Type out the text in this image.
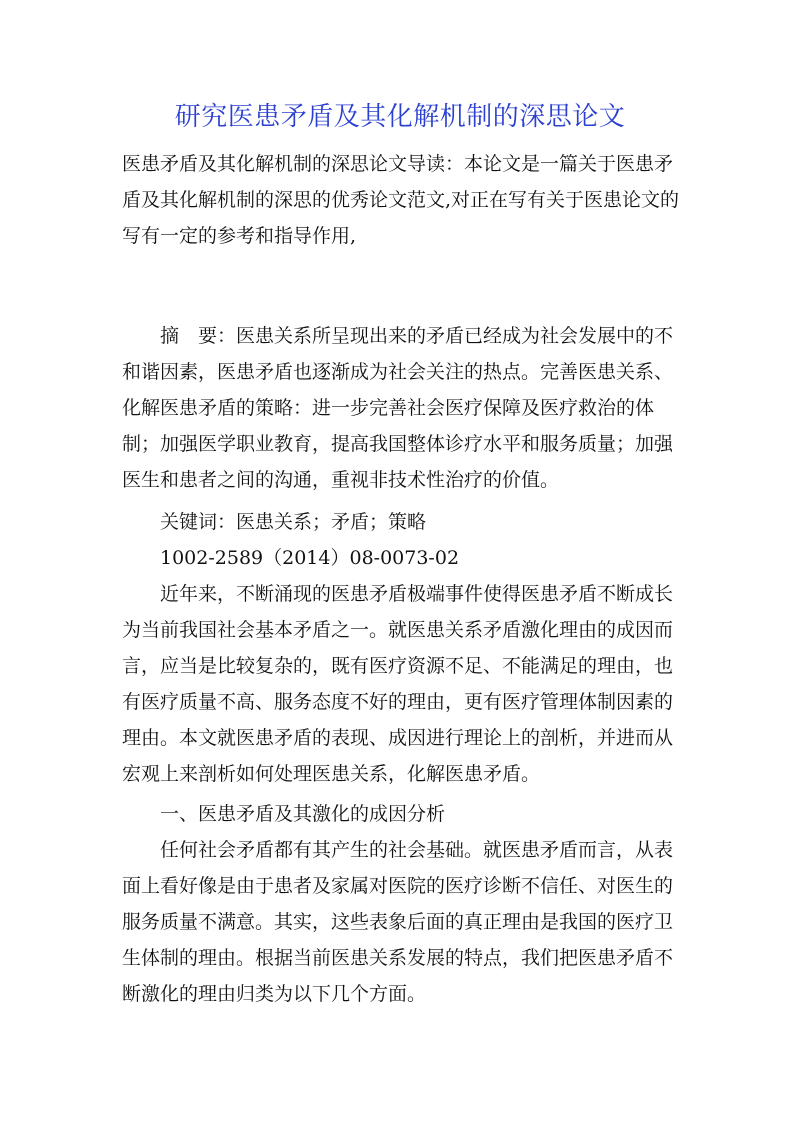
研究医患矛盾及其化解机制的深思论文

医患矛盾及其化解机制的深思论文导读：本论文是一篇关于医患矛盾及其化解机制的深思的优秀论文范文,对正在写有关于医患论文的写有一定的参考和指导作用,

摘　要：医患关系所呈现出来的矛盾已经成为社会发展中的不和谐因素，医患矛盾也逐渐成为社会关注的热点。完善医患关系、化解医患矛盾的策略：进一步完善社会医疗保障及医疗救治的体制；加强医学职业教育，提高我国整体诊疗水平和服务质量；加强医生和患者之间的沟通，重视非技术性治疗的价值。

关键词：医患关系；矛盾；策略

1002-2589（2014）08-0073-02

近年来，不断涌现的医患矛盾极端事件使得医患矛盾不断成长为当前我国社会基本矛盾之一。就医患关系矛盾激化理由的成因而言，应当是比较复杂的，既有医疗资源不足、不能满足的理由，也有医疗质量不高、服务态度不好的理由，更有医疗管理体制因素的理由。本文就医患矛盾的表现、成因进行理论上的剖析，并进而从宏观上来剖析如何处理医患关系，化解医患矛盾。

一、医患矛盾及其激化的成因分析

任何社会矛盾都有其产生的社会基础。就医患矛盾而言，从表面上看好像是由于患者及家属对医院的医疗诊断不信任、对医生的服务质量不满意。其实，这些表象后面的真正理由是我国的医疗卫生体制的理由。根据当前医患关系发展的特点，我们把医患矛盾不断激化的理由归类为以下几个方面。
